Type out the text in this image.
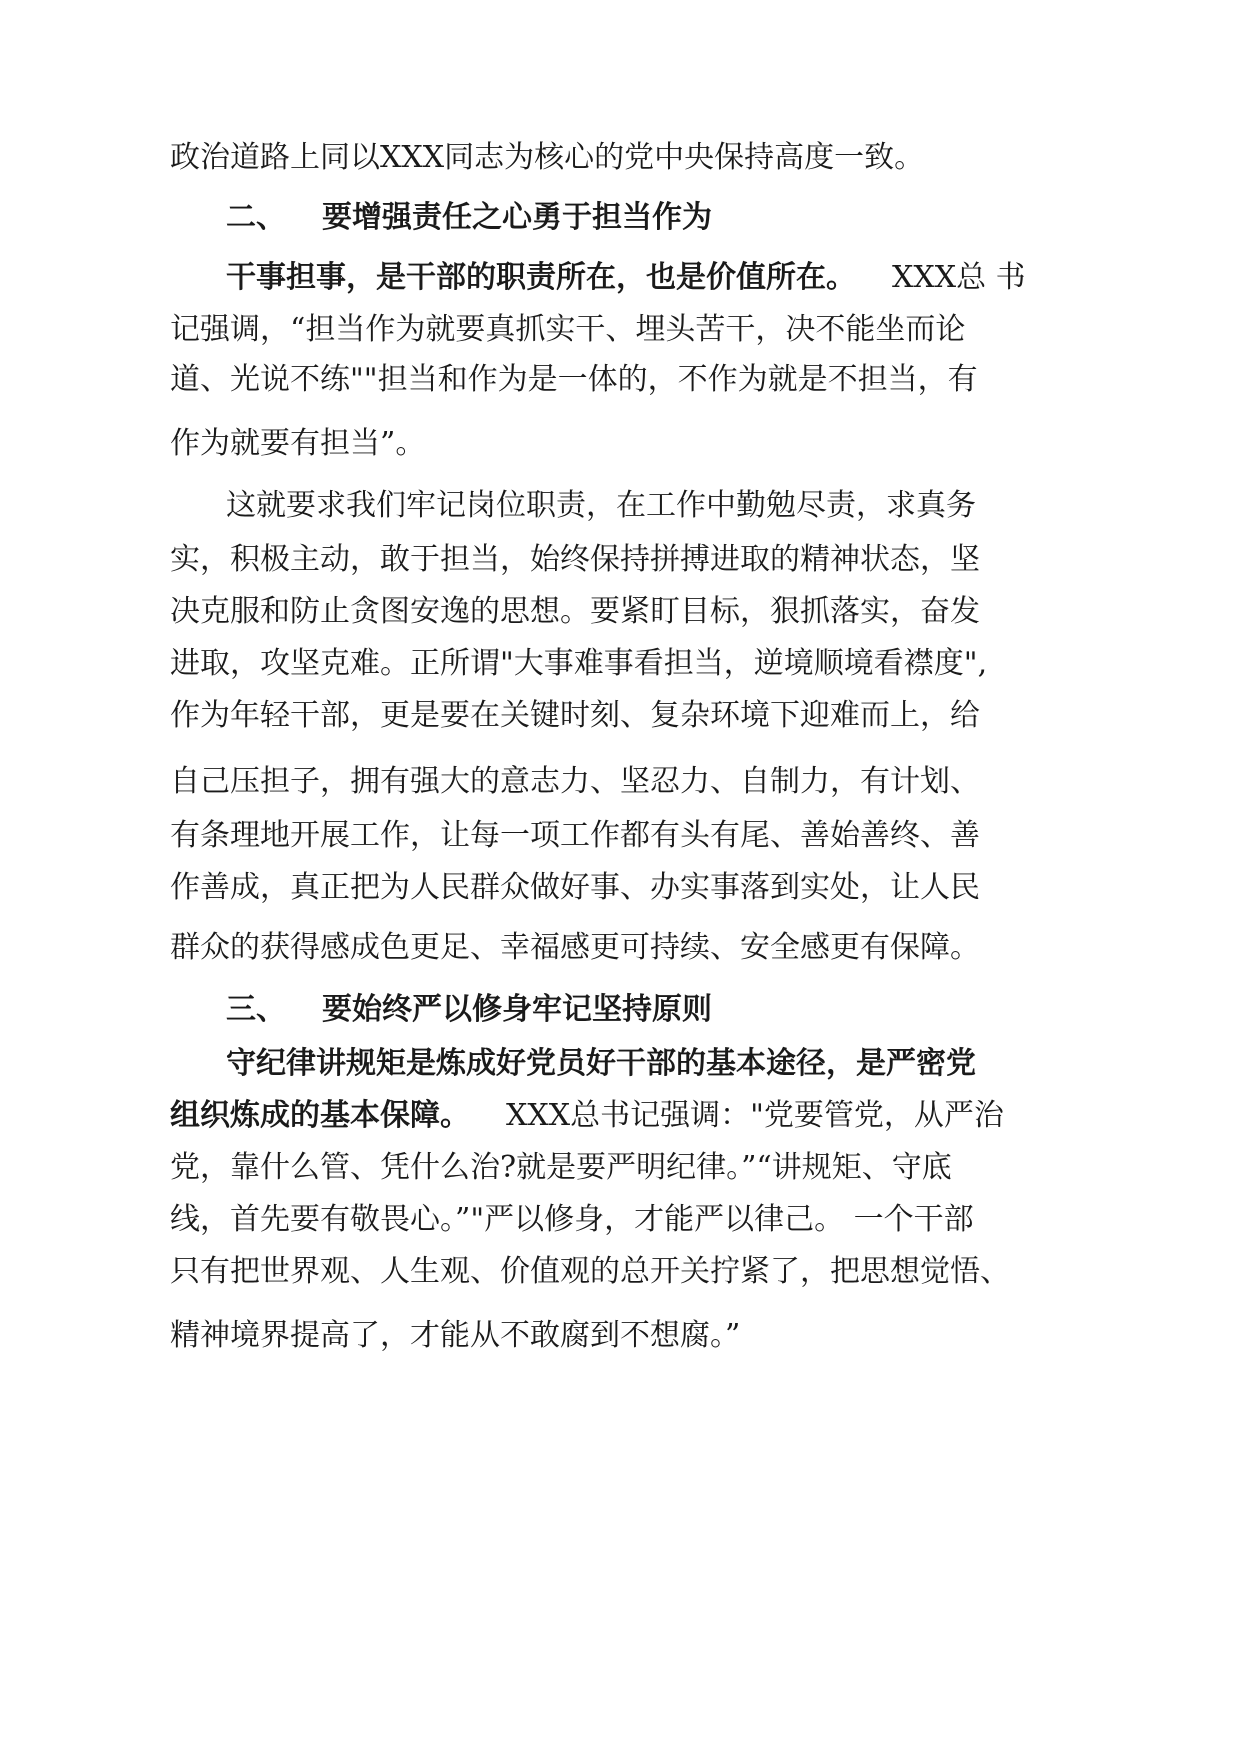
政治道路上同以XXX同志为核心的党中央保持高度一致。
二、 要增强责任之心勇于担当作为
干事担事，是干部的职责所在，也是价值所在。 XXX总 书
记强调，“担当作为就要真抓实干、埋头苦干，决不能坐而论
道、光说不练""担当和作为是一体的，不作为就是不担当，有
作为就要有担当”。
这就要求我们牢记岗位职责，在工作中勤勉尽责，求真务
实，积极主动，敢于担当，始终保持拼搏进取的精神状态，坚
决克服和防止贪图安逸的思想。要紧盯目标，狠抓落实，奋发
进取，攻坚克难。正所谓"大事难事看担当，逆境顺境看襟度",
作为年轻干部，更是要在关键时刻、复杂环境下迎难而上，给
自己压担子，拥有强大的意志力、坚忍力、自制力，有计划、
有条理地开展工作，让每一项工作都有头有尾、善始善终、善
作善成，真正把为人民群众做好事、办实事落到实处，让人民
群众的获得感成色更足、幸福感更可持续、安全感更有保障。
三、 要始终严以修身牢记坚持原则
守纪律讲规矩是炼成好党员好干部的基本途径，是严密党
组织炼成的基本保障。 XXX总书记强调："党要管党，从严治
党，靠什么管、凭什么治?就是要严明纪律。”“讲规矩、守底
线，首先要有敬畏心。”"严以修身，才能严以律己。 一个干部
只有把世界观、人生观、价值观的总开关拧紧了，把思想觉悟、
精神境界提高了，才能从不敢腐到不想腐。”
